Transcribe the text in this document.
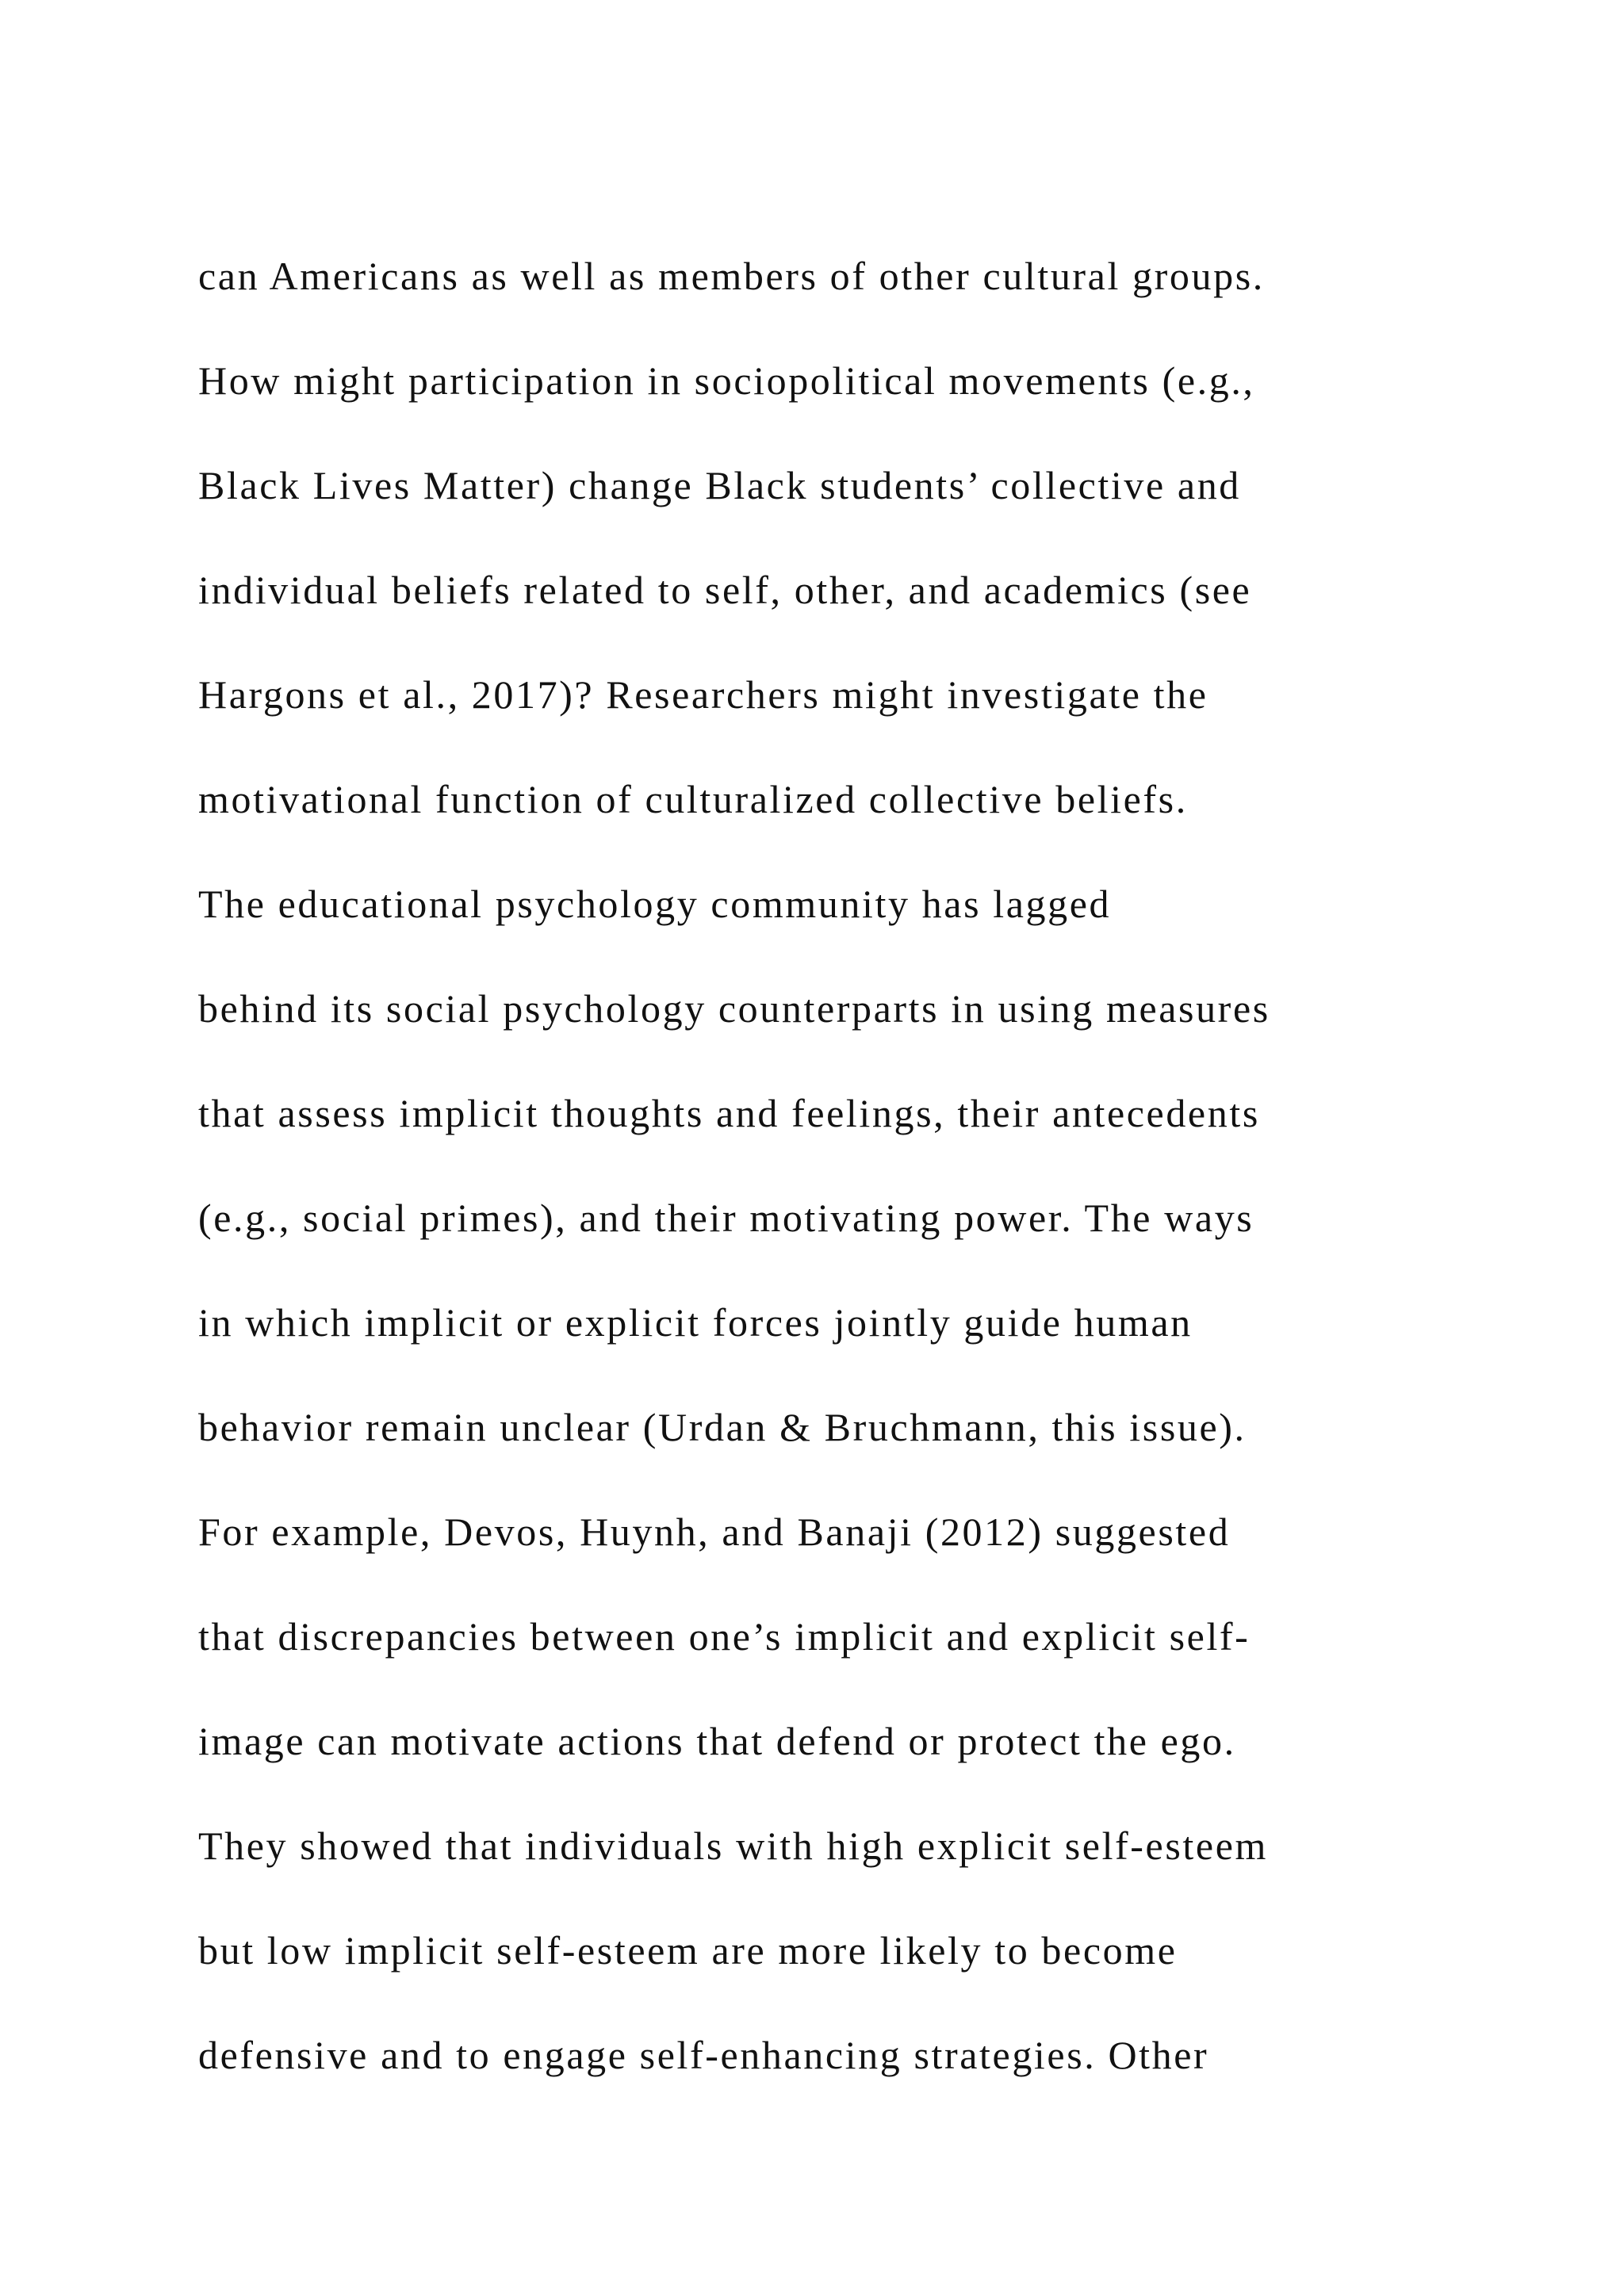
can Americans as well as members of other cultural groups.
How might participation in sociopolitical movements (e.g.,
Black Lives Matter) change Black students’ collective and
individual beliefs related to self, other, and academics (see
Hargons et al., 2017)? Researchers might investigate the
motivational function of culturalized collective beliefs.
The educational psychology community has lagged
behind its social psychology counterparts in using measures
that assess implicit thoughts and feelings, their antecedents
(e.g., social primes), and their motivating power. The ways
in which implicit or explicit forces jointly guide human
behavior remain unclear (Urdan & Bruchmann, this issue).
For example, Devos, Huynh, and Banaji (2012) suggested
that discrepancies between one’s implicit and explicit self-
image can motivate actions that defend or protect the ego.
They showed that individuals with high explicit self-esteem
but low implicit self-esteem are more likely to become
defensive and to engage self-enhancing strategies. Other
